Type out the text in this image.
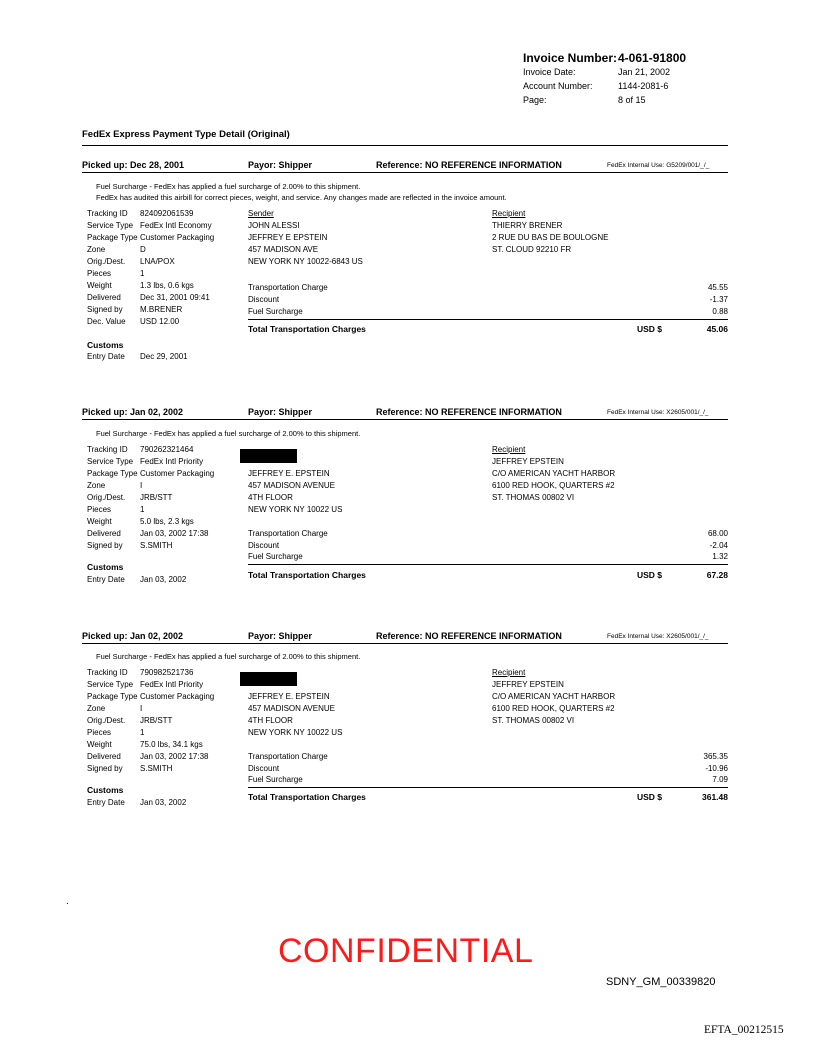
Invoice Number: 4-061-91800
Invoice Date:	Jan 21, 2002
Account Number:	1144-2081-6
Page:	8 of 15
FedEx Express Payment Type Detail (Original)
Picked up: Dec 28, 2001	Payor: Shipper	Reference: NO REFERENCE INFORMATION	FedEx Internal Use: G5209/001/_/_
Fuel Surcharge - FedEx has applied a fuel surcharge of 2.00% to this shipment.
FedEx has audited this airbill for correct pieces, weight, and service. Any changes made are reflected in the invoice amount.
Tracking ID 824092061539
Service Type FedEx Intl Economy
Package Type Customer Packaging
Zone	D
Orig./Dest. LNA/POX
Pieces	1
Weight	1.3 lbs, 0.6 kgs
Delivered Dec 31, 2001 09:41
Signed by M.BRENER
Dec. Value USD 12.00
Sender
JOHN ALESSI
JEFFREY E EPSTEIN
457 MADISON AVE
NEW YORK NY 10022-6843 US
Recipient
THIERRY BRENER
2 RUE DU BAS DE BOULOGNE
ST. CLOUD 92210 FR
Transportation Charge	45.55
Discount	-1.37
Fuel Surcharge	0.88
Total Transportation Charges	USD $	45.06
Customs
Entry Date Dec 29, 2001
Picked up: Jan 02, 2002	Payor: Shipper	Reference: NO REFERENCE INFORMATION	FedEx Internal Use: X2605/001/_/_
Fuel Surcharge - FedEx has applied a fuel surcharge of 2.00% to this shipment.
Tracking ID 790262321464
Service Type FedEx Intl Priority
Package Type Customer Packaging
Zone	I
Orig./Dest. JRB/STT
Pieces	1
Weight	5.0 lbs, 2.3 kgs
Delivered Jan 03, 2002 17:38
Signed by S.SMITH
JEFFREY E. EPSTEIN
457 MADISON AVENUE
4TH FLOOR
NEW YORK NY 10022 US
Recipient
JEFFREY EPSTEIN
C/O AMERICAN YACHT HARBOR
6100 RED HOOK, QUARTERS #2
ST. THOMAS 00802 VI
Transportation Charge	68.00
Discount	-2.04
Fuel Surcharge	1.32
Total Transportation Charges	USD $	67.28
Customs
Entry Date Jan 03, 2002
Picked up: Jan 02, 2002	Payor: Shipper	Reference: NO REFERENCE INFORMATION	FedEx Internal Use: X2605/001/_/_
Fuel Surcharge - FedEx has applied a fuel surcharge of 2.00% to this shipment.
Tracking ID 790982521736
Service Type FedEx Intl Priority
Package Type Customer Packaging
Zone	I
Orig./Dest. JRB/STT
Pieces	1
Weight	75.0 lbs, 34.1 kgs
Delivered Jan 03, 2002 17:38
Signed by S.SMITH
JEFFREY E. EPSTEIN
457 MADISON AVENUE
4TH FLOOR
NEW YORK NY 10022 US
Recipient
JEFFREY EPSTEIN
C/O AMERICAN YACHT HARBOR
6100 RED HOOK, QUARTERS #2
ST. THOMAS 00802 VI
Transportation Charge	365.35
Discount	-10.96
Fuel Surcharge	7.09
Total Transportation Charges	USD $	361.48
Customs
Entry Date Jan 03, 2002
.
CONFIDENTIAL
SDNY_GM_00339820
EFTA_00212515
